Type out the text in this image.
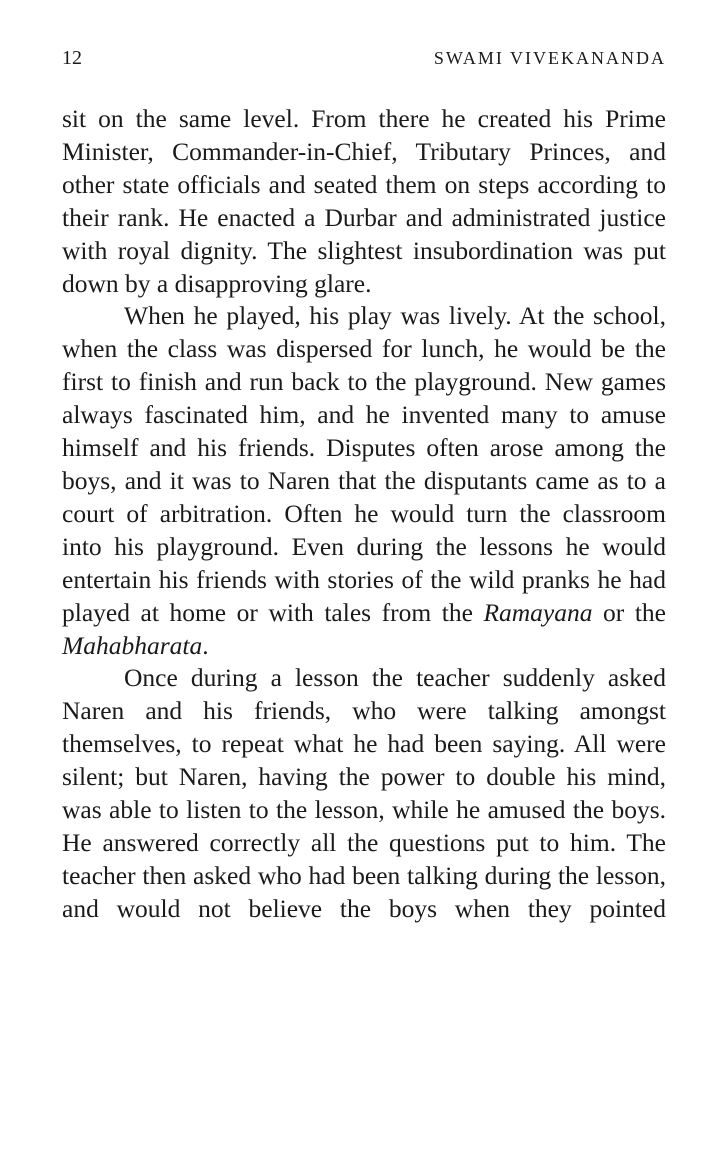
12	SWAMI VIVEKANANDA

sit on the same level. From there he created his Prime Minister, Commander-in-Chief, Tributary Princes, and other state officials and seated them on steps according to their rank. He enacted a Durbar and administrated justice with royal dignity. The slightest insubordination was put down by a disapproving glare.

When he played, his play was lively. At the school, when the class was dispersed for lunch, he would be the first to finish and run back to the playground. New games always fascinated him, and he invented many to amuse himself and his friends. Disputes often arose among the boys, and it was to Naren that the disputants came as to a court of arbitration. Often he would turn the classroom into his playground. Even during the lessons he would entertain his friends with stories of the wild pranks he had played at home or with tales from the Ramayana or the Mahabharata.

Once during a lesson the teacher suddenly asked Naren and his friends, who were talking amongst themselves, to repeat what he had been saying. All were silent; but Naren, having the power to double his mind, was able to listen to the lesson, while he amused the boys. He answered correctly all the questions put to him. The teacher then asked who had been talking during the lesson, and would not believe the boys when they pointed
